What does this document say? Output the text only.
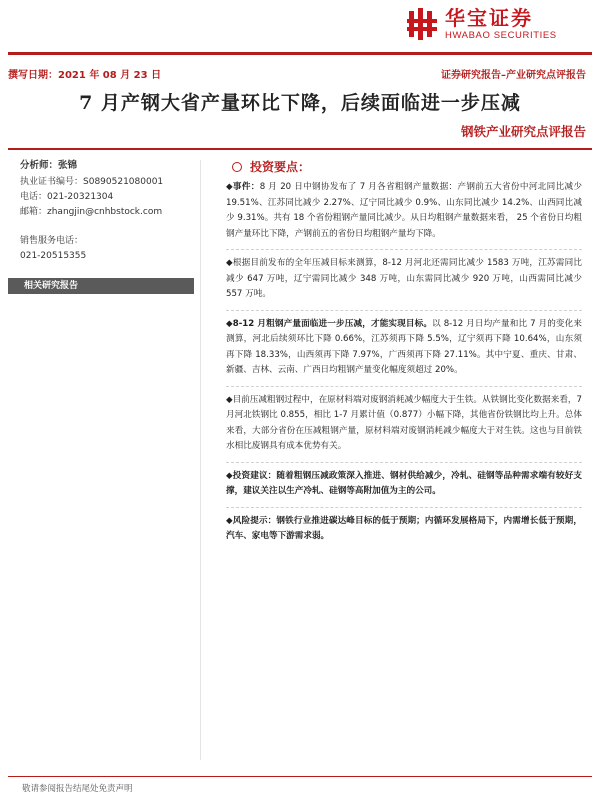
华宝证券
HWABAO SECURITIES
撰写日期：2021 年 08 月 23 日	证券研究报告–产业研究点评报告
7 月产钢大省产量环比下降，后续面临进一步压减
钢铁产业研究点评报告
分析师：张锦
执业证书编号：S0890521080001
电话：021-20321304
邮箱：zhangjin@cnhbstock.com
销售服务电话：
021-20515355
相关研究报告
投资要点：

◆事件：8 月 20 日中钢协发布了 7 月各省粗钢产量数据：产钢前五大省份中河北同比减少 19.51%、江苏同比减少 2.27%、辽宁同比减少 0.9%、山东同比减少 14.2%、山西同比减少 9.31%。共有 18 个省份粗钢产量同比减少。从日均粗钢产量数据来看， 25 个省份日均粗钢产量环比下降，产钢前五的省份日均粗钢产量均下降。

◆根据目前发布的全年压减目标来测算，8-12 月河北还需同比减少 1583 万吨，江苏需同比减少 647 万吨，辽宁需同比减少 348 万吨，山东需同比减少 920 万吨，山西需同比减少 557 万吨。

◆8-12 月粗钢产量面临进一步压减，才能实现目标。以 8-12 月日均产量和比 7 月的变化来测算，河北后续须环比下降 0.66%，江苏须再下降 5.5%，辽宁须再下降 10.64%，山东须再下降 18.33%，山西须再下降 7.97%，广西须再下降 27.11%。其中宁夏、重庆、甘肃、新疆、吉林、云南、广西日均粗钢产量变化幅度须超过 20%。

◆目前压减粗钢过程中，在原材料端对废钢消耗减少幅度大于生铁。从铁钢比变化数据来看，7 月河北铁钢比 0.855，相比 1-7 月累计值（0.877）小幅下降，其他省份铁钢比均上升。总体来看，大部分省份在压减粗钢产量，原材料端对废钢消耗减少幅度大于对生铁。这也与目前铁水相比废钢具有成本优势有关。

◆投资建议：随着粗钢压减政策深入推进、钢材供给减少，冷轧、硅钢等品种需求端有较好支撑，建议关注以生产冷轧、硅钢等高附加值为主的公司。

◆风险提示：钢铁行业推进碳达峰目标的低于预期；内循环发展格局下，内需增长低于预期，汽车、家电等下游需求弱。

敬请参阅报告结尾处免责声明
